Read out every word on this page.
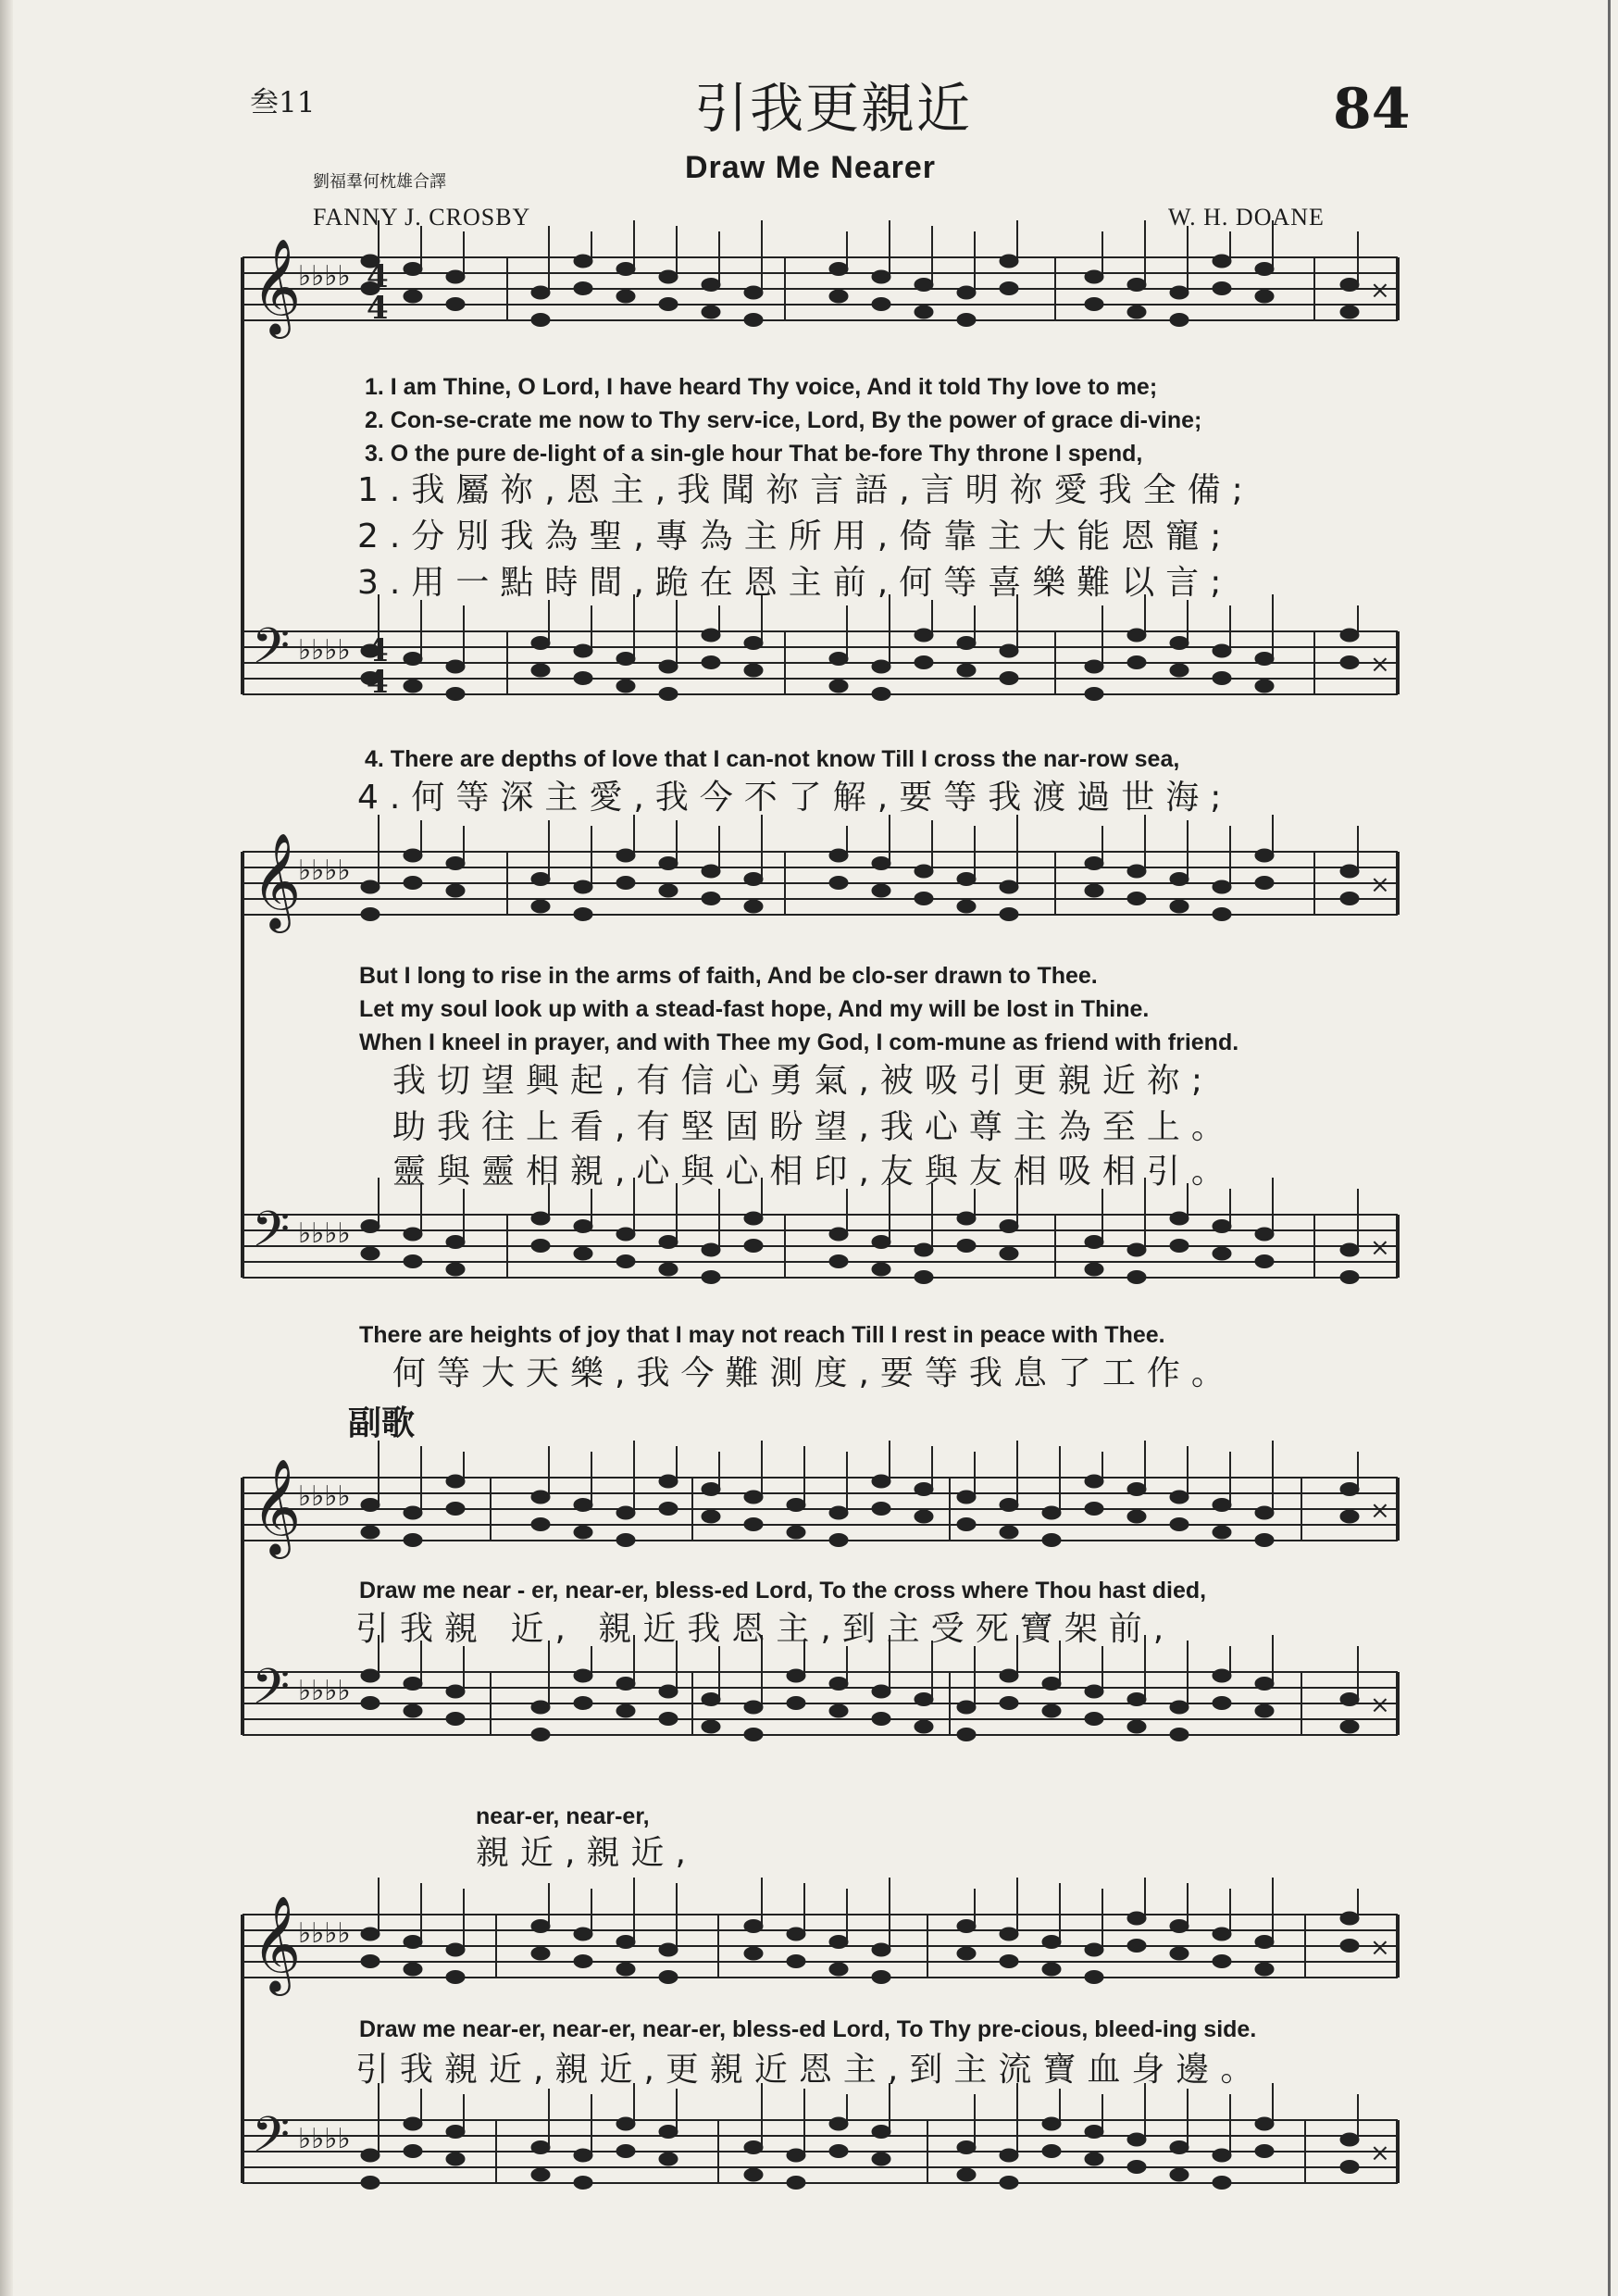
叁11	引我更親近	84
Draw Me Nearer
劉福羣何枕雄合譯
FANNY J. CROSBY	W. H. DOANE
𝄞
♭♭♭♭	×
𝄢 ♭♭♭♭	×
𝄞
♭♭♭♭	×
𝄢 ♭♭♭♭	×
𝄞
♭♭♭♭	×
𝄢 ♭♭♭♭	×
𝄞
♭♭♭♭	×
𝄢 ♭♭♭♭	×
4
4
4
4
1. I am Thine, O Lord, I have heard Thy voice, And it told Thy love to me;
2. Con-se-crate me now to Thy serv-ice, Lord, By the power of grace di-vine;
3. O the pure de-light of a sin-gle hour That be-fore Thy throne I spend,
1.我屬祢,恩主,我聞祢言語,言明祢愛我全備;
2.分別我為聖,專為主所用,倚靠主大能恩寵;
3.用一點時間,跪在恩主前,何等喜樂難以言;
4. There are depths of love that I can-not know Till I cross the nar-row sea,
4.何等深主愛,我今不了解,要等我渡過世海;
But I long to rise in the arms of faith, And be clo-ser drawn to Thee.
Let my soul look up with a stead-fast hope, And my will be lost in Thine.
When I kneel in prayer, and with Thee my God, I com-mune as friend with friend.
我切望興起,有信心勇氣,被吸引更親近祢;
助我往上看,有堅固盼望,我心尊主為至上。
靈與靈相親,心與心相印,友與友相吸相引。
There are heights of joy that I may not reach Till I rest in peace with Thee.
何等大天樂,我今難測度,要等我息了工作。
副歌
Draw me near - er, near-er, bless-ed Lord, To the cross where Thou hast died,
引我親 近, 親近我恩主,到主受死寶架前,
near-er, near-er,
親近,親近,
Draw me near-er, near-er, near-er, bless-ed Lord, To Thy pre-cious, bleed-ing side.
引我親近,親近,更親近恩主,到主流寶血身邊。
